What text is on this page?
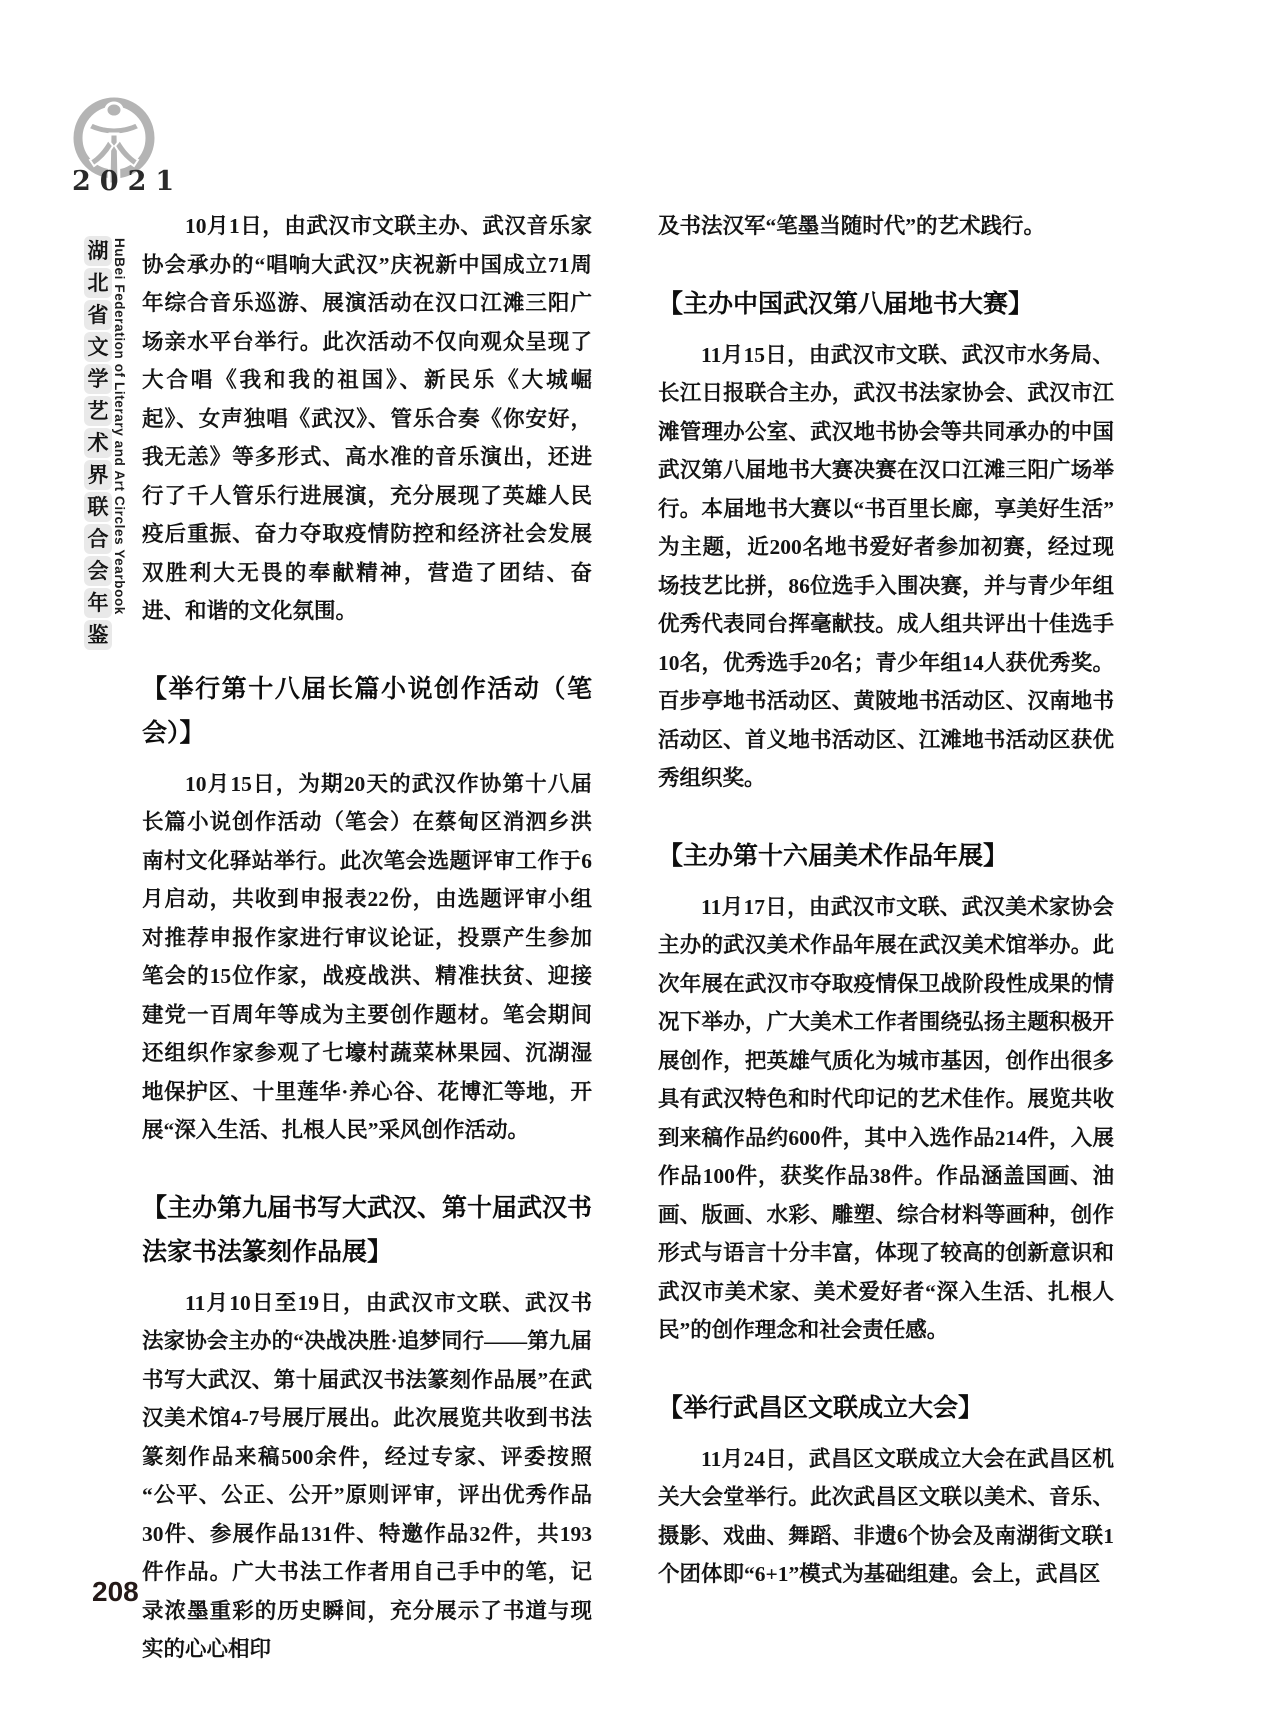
2021
湖
北
省
文
学
艺
术
界
联
合
会
年
鉴
HuBei Federation of Literary and Art Circles Yearbook

10月1日，由武汉市文联主办、武汉音乐家协会承办的“唱响大武汉”庆祝新中国成立71周年综合音乐巡游、展演活动在汉口江滩三阳广场亲水平台举行。此次活动不仅向观众呈现了大合唱《我和我的祖国》、新民乐《大城崛起》、女声独唱《武汉》、管乐合奏《你安好，我无恙》等多形式、高水准的音乐演出，还进行了千人管乐行进展演，充分展现了英雄人民疫后重振、奋力夺取疫情防控和经济社会发展双胜利大无畏的奉献精神，营造了团结、奋进、和谐的文化氛围。

【举行第十八届长篇小说创作活动（笔会）】

10月15日，为期20天的武汉作协第十八届长篇小说创作活动（笔会）在蔡甸区消泗乡洪南村文化驿站举行。此次笔会选题评审工作于6月启动，共收到申报表22份，由选题评审小组对推荐申报作家进行审议论证，投票产生参加笔会的15位作家，战疫战洪、精准扶贫、迎接建党一百周年等成为主要创作题材。笔会期间还组织作家参观了七壕村蔬菜林果园、沉湖湿地保护区、十里莲华·养心谷、花博汇等地，开展“深入生活、扎根人民”采风创作活动。

【主办第九届书写大武汉、第十届武汉书法家书法篆刻作品展】

11月10日至19日，由武汉市文联、武汉书法家协会主办的“决战决胜·追梦同行——第九届书写大武汉、第十届武汉书法篆刻作品展”在武汉美术馆4-7号展厅展出。此次展览共收到书法篆刻作品来稿500余件，经过专家、评委按照“公平、公正、公开”原则评审，评出优秀作品30件、参展作品131件、特邀作品32件，共193件作品。广大书法工作者用自己手中的笔，记录浓墨重彩的历史瞬间，充分展示了书道与现实的心心相印

及书法汉军“笔墨当随时代”的艺术践行。

【主办中国武汉第八届地书大赛】

11月15日，由武汉市文联、武汉市水务局、长江日报联合主办，武汉书法家协会、武汉市江滩管理办公室、武汉地书协会等共同承办的中国武汉第八届地书大赛决赛在汉口江滩三阳广场举行。本届地书大赛以“书百里长廊，享美好生活”为主题，近200名地书爱好者参加初赛，经过现场技艺比拼，86位选手入围决赛，并与青少年组优秀代表同台挥毫献技。成人组共评出十佳选手10名，优秀选手20名；青少年组14人获优秀奖。百步亭地书活动区、黄陂地书活动区、汉南地书活动区、首义地书活动区、江滩地书活动区获优秀组织奖。

【主办第十六届美术作品年展】

11月17日，由武汉市文联、武汉美术家协会主办的武汉美术作品年展在武汉美术馆举办。此次年展在武汉市夺取疫情保卫战阶段性成果的情况下举办，广大美术工作者围绕弘扬主题积极开展创作，把英雄气质化为城市基因，创作出很多具有武汉特色和时代印记的艺术佳作。展览共收到来稿作品约600件，其中入选作品214件，入展作品100件，获奖作品38件。作品涵盖国画、油画、版画、水彩、雕塑、综合材料等画种，创作形式与语言十分丰富，体现了较高的创新意识和武汉市美术家、美术爱好者“深入生活、扎根人民”的创作理念和社会责任感。

【举行武昌区文联成立大会】

11月24日，武昌区文联成立大会在武昌区机关大会堂举行。此次武昌区文联以美术、音乐、摄影、戏曲、舞蹈、非遗6个协会及南湖街文联1个团体即“6+1”模式为基础组建。会上，武昌区

208
